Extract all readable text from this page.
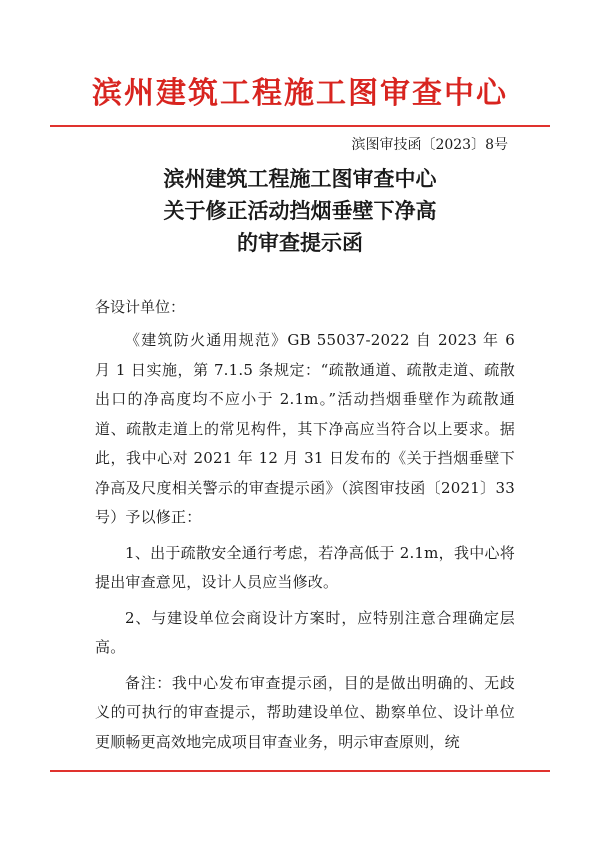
滨州建筑工程施工图审查中心
滨图审技函〔2023〕8号
滨州建筑工程施工图审查中心
关于修正活动挡烟垂壁下净高
的审查提示函
各设计单位：

《建筑防火通用规范》GB 55037-2022 自 2023 年 6 月 1 日实施，第 7.1.5 条规定：“疏散通道、疏散走道、疏散出口的净高度均不应小于 2.1m。”活动挡烟垂壁作为疏散通道、疏散走道上的常见构件，其下净高应当符合以上要求。据此，我中心对 2021 年 12 月 31 日发布的《关于挡烟垂壁下净高及尺度相关警示的审查提示函》（滨图审技函〔2021〕33 号）予以修正：

1、出于疏散安全通行考虑，若净高低于 2.1m，我中心将提出审查意见，设计人员应当修改。

2、与建设单位会商设计方案时，应特别注意合理确定层高。

备注：我中心发布审查提示函，目的是做出明确的、无歧义的可执行的审查提示，帮助建设单位、勘察单位、设计单位更顺畅更高效地完成项目审查业务，明示审查原则，统
